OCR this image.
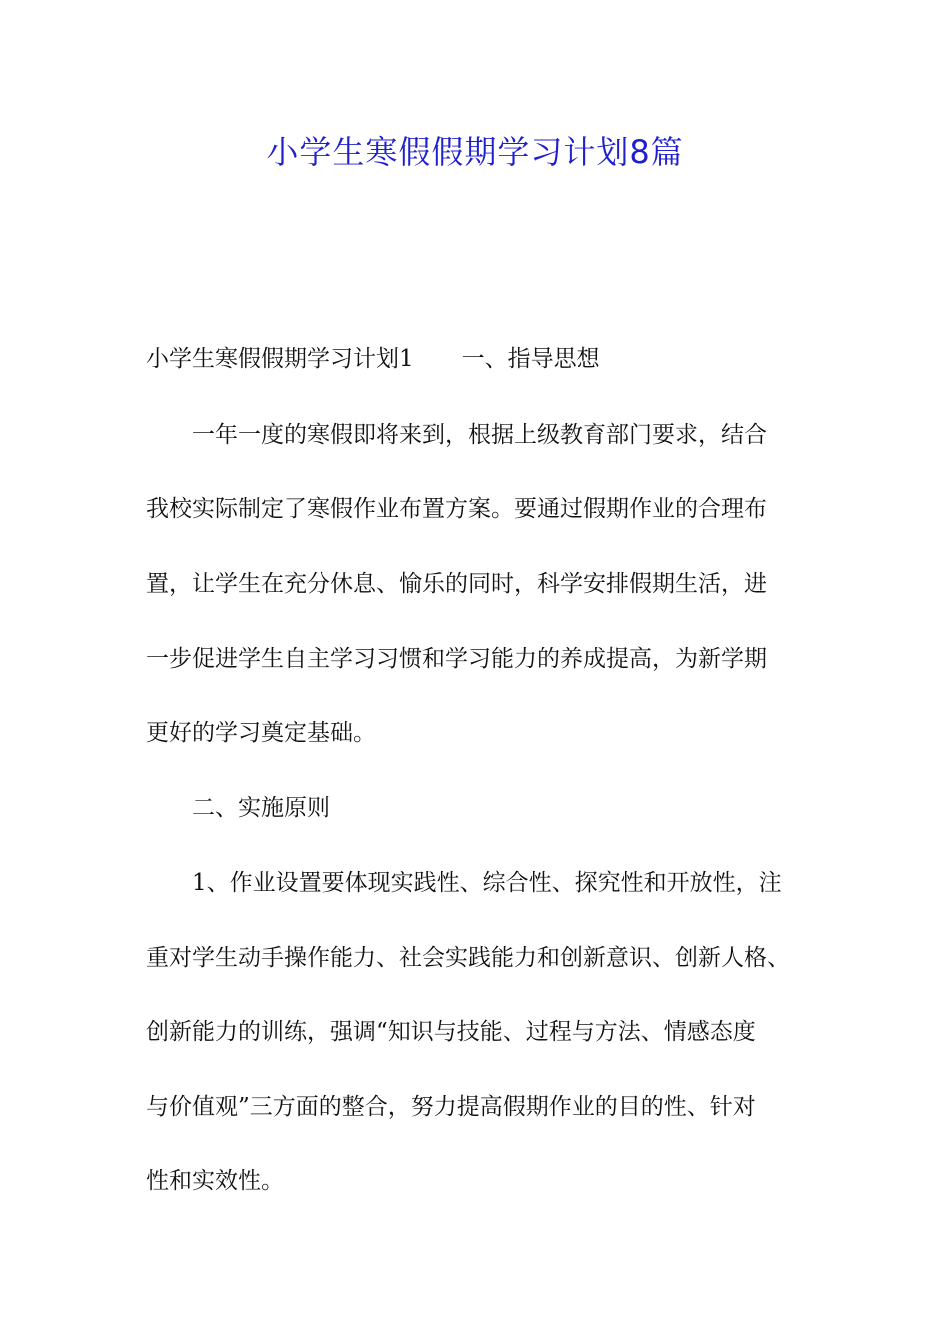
小学生寒假假期学习计划8篇

小学生寒假假期学习计划1 一、指导思想

一年一度的寒假即将来到，根据上级教育部门要求，结合

我校实际制定了寒假作业布置方案。要通过假期作业的合理布

置，让学生在充分休息、愉乐的同时，科学安排假期生活，进

一步促进学生自主学习习惯和学习能力的养成提高，为新学期

更好的学习奠定基础。

二、实施原则

1、作业设置要体现实践性、综合性、探究性和开放性，注

重对学生动手操作能力、社会实践能力和创新意识、创新人格、

创新能力的训练，强调“知识与技能、过程与方法、情感态度

与价值观”三方面的整合，努力提高假期作业的目的性、针对

性和实效性。
